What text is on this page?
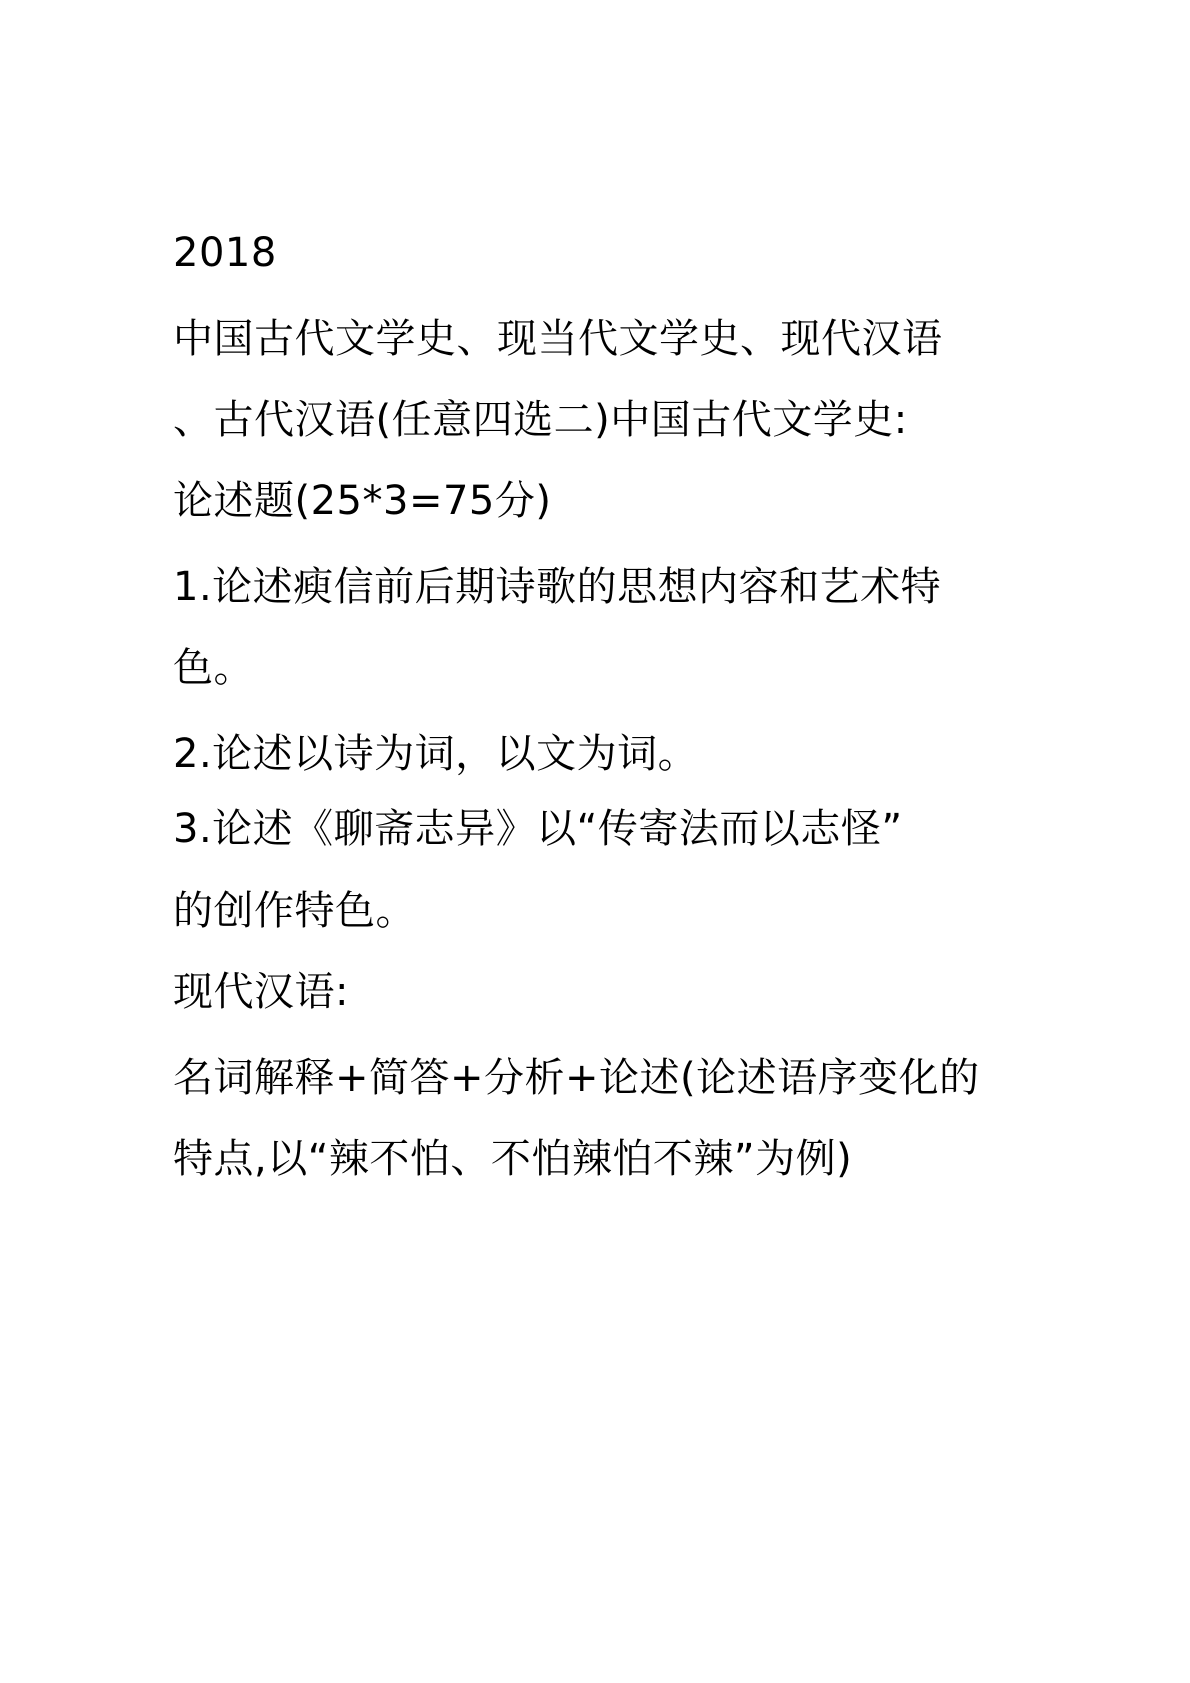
2018

中国古代文学史、现当代文学史、现代汉语

、古代汉语(任意四选二)中国古代文学史:

论述题(25*3=75分)

1.论述瘐信前后期诗歌的思想内容和艺术特

色。

2.论述以诗为词，以文为词。

3.论述《聊斋志异》以“传寄法而以志怪”

的创作特色。

现代汉语:

名词解释+简答+分析+论述(论述语序变化的

特点,以“辣不怕、不怕辣怕不辣”为例)
